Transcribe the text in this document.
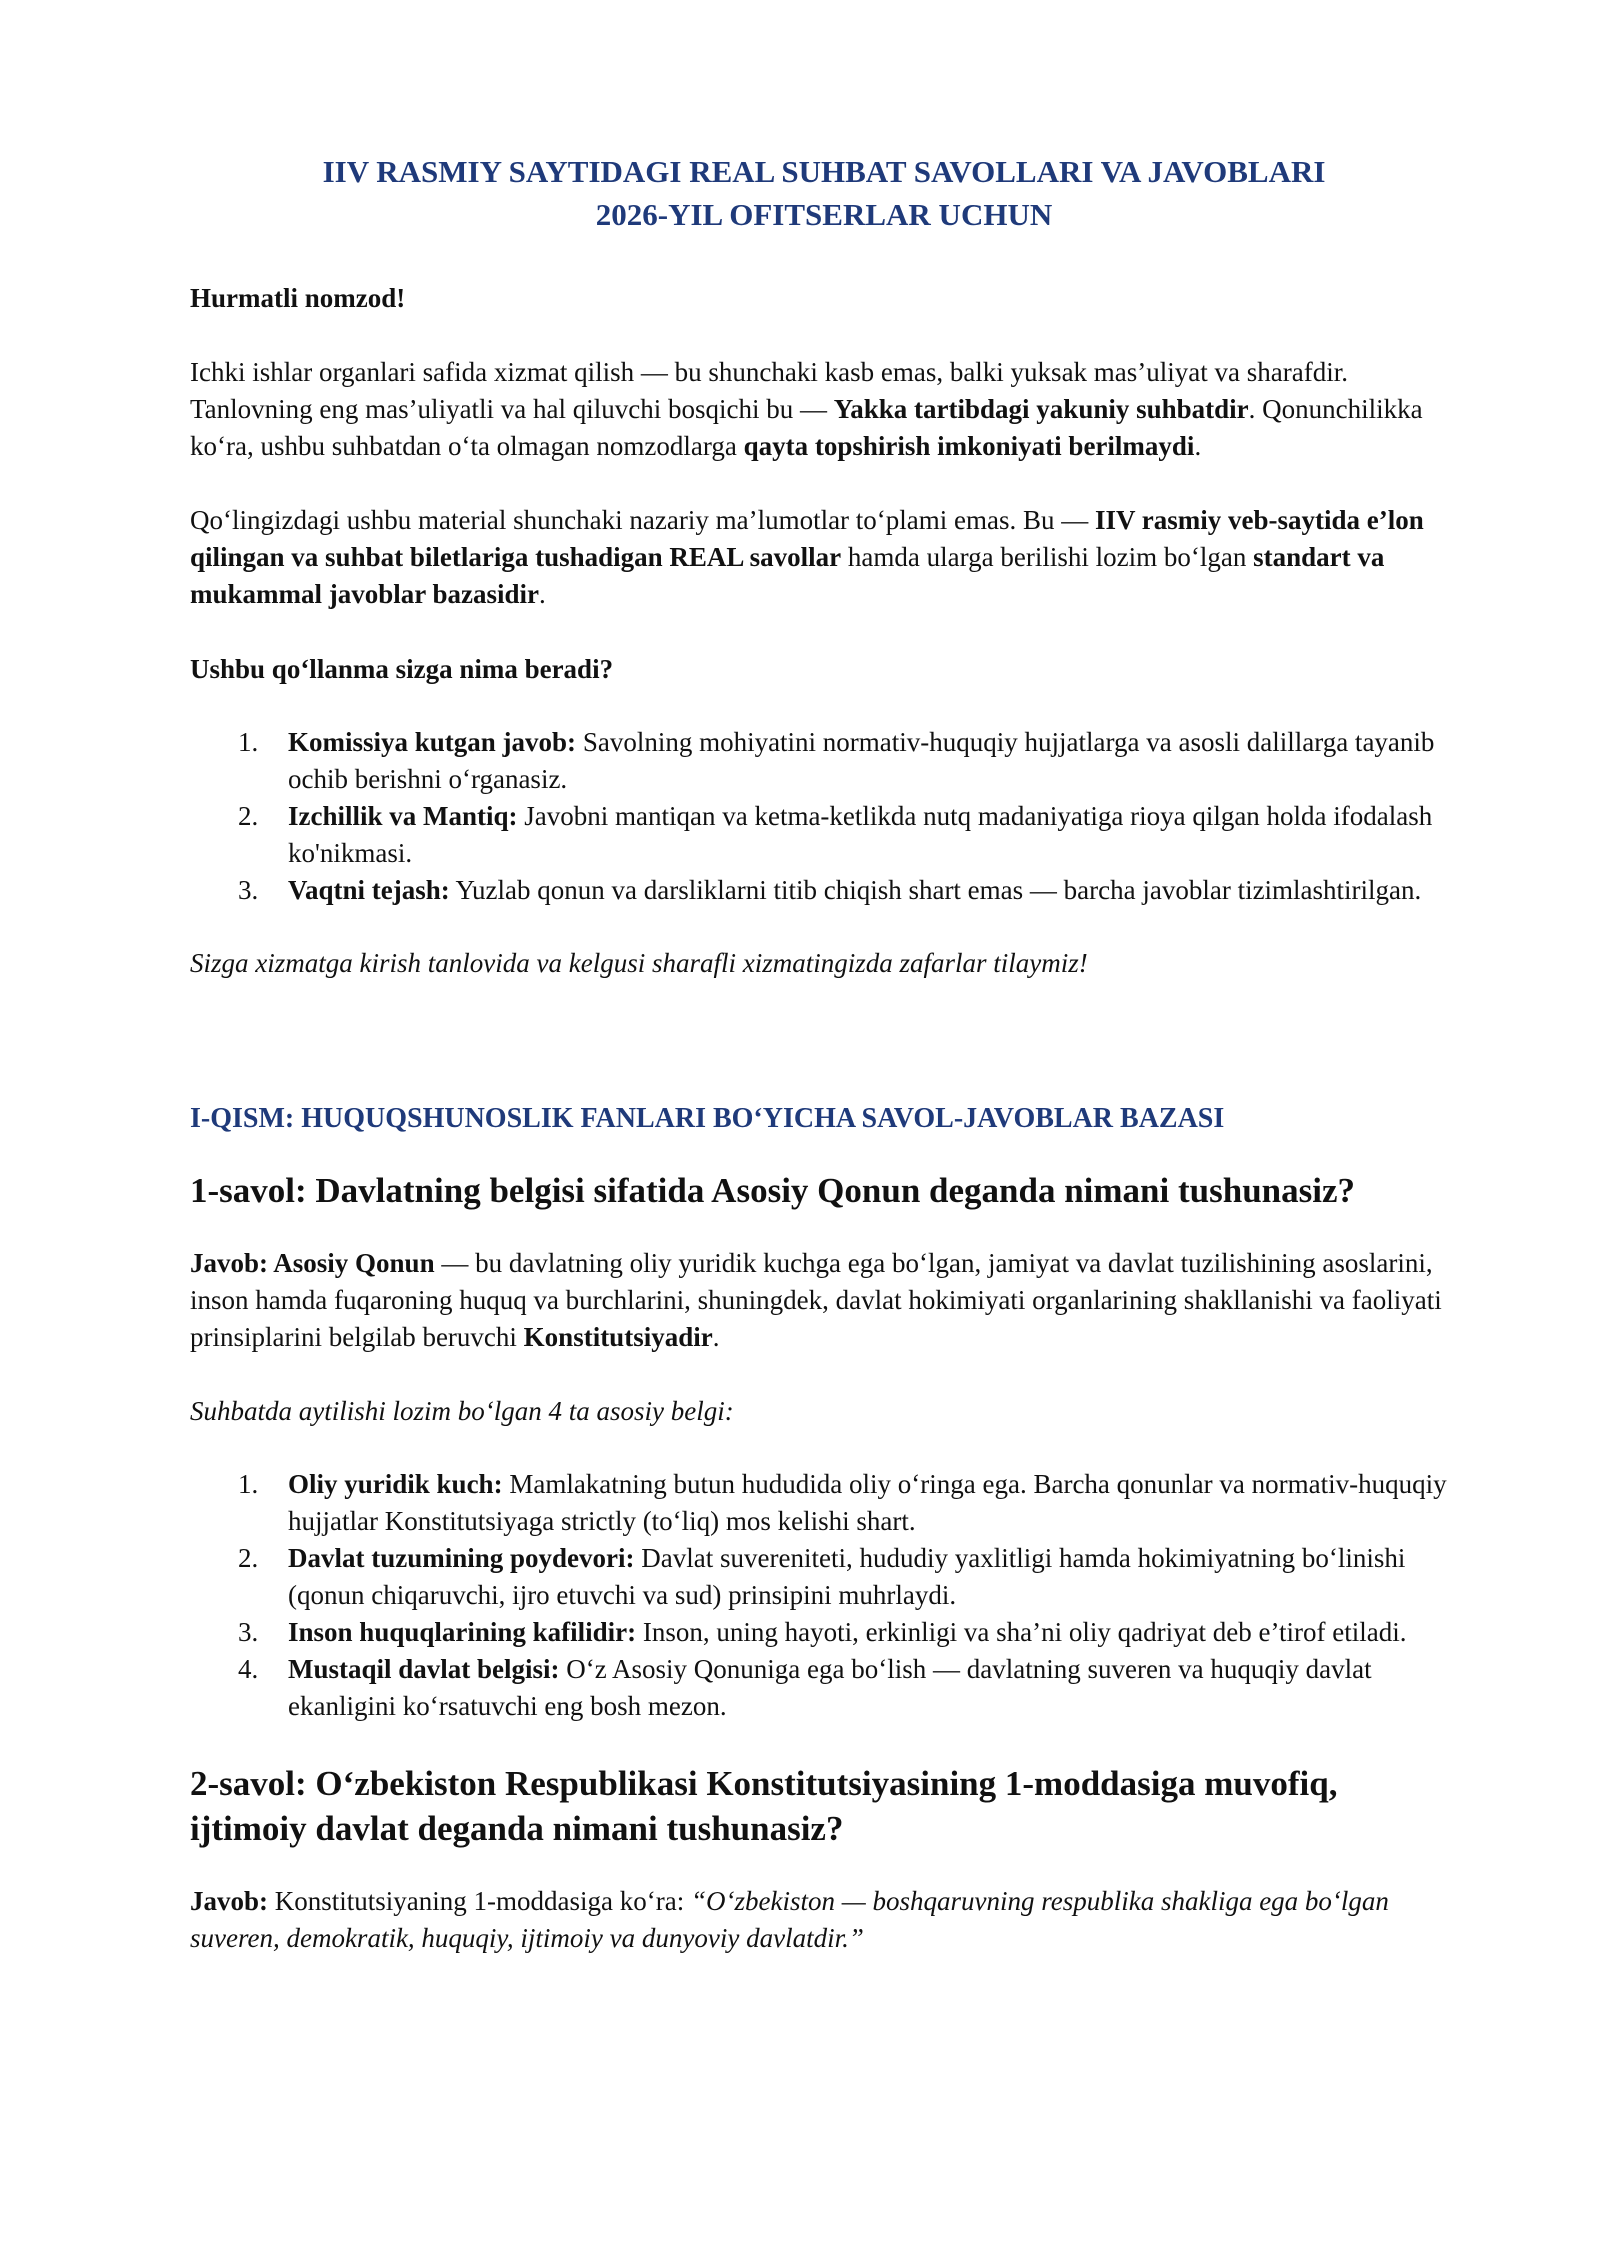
IIV RASMIY SAYTIDAGI REAL SUHBAT SAVOLLARI VA JAVOBLARI
2026-YIL OFITSERLAR UCHUN

Hurmatli nomzod!

Ichki ishlar organlari safida xizmat qilish — bu shunchaki kasb emas, balki yuksak mas’uliyat va sharafdir. Tanlovning eng mas’uliyatli va hal qiluvchi bosqichi bu — Yakka tartibdagi yakuniy suhbatdir. Qonunchilikka ko‘ra, ushbu suhbatdan o‘ta olmagan nomzodlarga qayta topshirish imkoniyati berilmaydi.

Qo‘lingizdagi ushbu material shunchaki nazariy ma’lumotlar to‘plami emas. Bu — IIV rasmiy veb-saytida e’lon qilingan va suhbat biletlariga tushadigan REAL savollar hamda ularga berilishi lozim bo‘lgan standart va mukammal javoblar bazasidir.

Ushbu qo‘llanma sizga nima beradi?

1. Komissiya kutgan javob: Savolning mohiyatini normativ-huquqiy hujjatlarga va asosli dalillarga tayanib ochib berishni o‘rganasiz.
2. Izchillik va Mantiq: Javobni mantiqan va ketma-ketlikda nutq madaniyatiga rioya qilgan holda ifodalash ko'nikmasi.
3. Vaqtni tejash: Yuzlab qonun va darsliklarni titib chiqish shart emas — barcha javoblar tizimlashtirilgan.

Sizga xizmatga kirish tanlovida va kelgusi sharafli xizmatingizda zafarlar tilaymiz!

I-QISM: HUQUQSHUNOSLIK FANLARI BO‘YICHA SAVOL-JAVOBLAR BAZASI

1-savol: Davlatning belgisi sifatida Asosiy Qonun deganda nimani tushunasiz?

Javob: Asosiy Qonun — bu davlatning oliy yuridik kuchga ega bo‘lgan, jamiyat va davlat tuzilishining asoslarini, inson hamda fuqaroning huquq va burchlarini, shuningdek, davlat hokimiyati organlarining shakllanishi va faoliyati prinsiplarini belgilab beruvchi Konstitutsiyadir.

Suhbatda aytilishi lozim bo‘lgan 4 ta asosiy belgi:

1. Oliy yuridik kuch: Mamlakatning butun hududida oliy o‘ringa ega. Barcha qonunlar va normativ-huquqiy hujjatlar Konstitutsiyaga strictly (to‘liq) mos kelishi shart.
2. Davlat tuzumining poydevori: Davlat suvereniteti, hududiy yaxlitligi hamda hokimiyatning bo‘linishi (qonun chiqaruvchi, ijro etuvchi va sud) prinsipini muhrlaydi.
3. Inson huquqlarining kafilidir: Inson, uning hayoti, erkinligi va sha’ni oliy qadriyat deb e’tirof etiladi.
4. Mustaqil davlat belgisi: O‘z Asosiy Qonuniga ega bo‘lish — davlatning suveren va huquqiy davlat ekanligini ko‘rsatuvchi eng bosh mezon.

2-savol: O‘zbekiston Respublikasi Konstitutsiyasining 1-moddasiga muvofiq, ijtimoiy davlat deganda nimani tushunasiz?

Javob: Konstitutsiyaning 1-moddasiga ko‘ra: “O‘zbekiston — boshqaruvning respublika shakliga ega bo‘lgan suveren, demokratik, huquqiy, ijtimoiy va dunyoviy davlatdir.”
